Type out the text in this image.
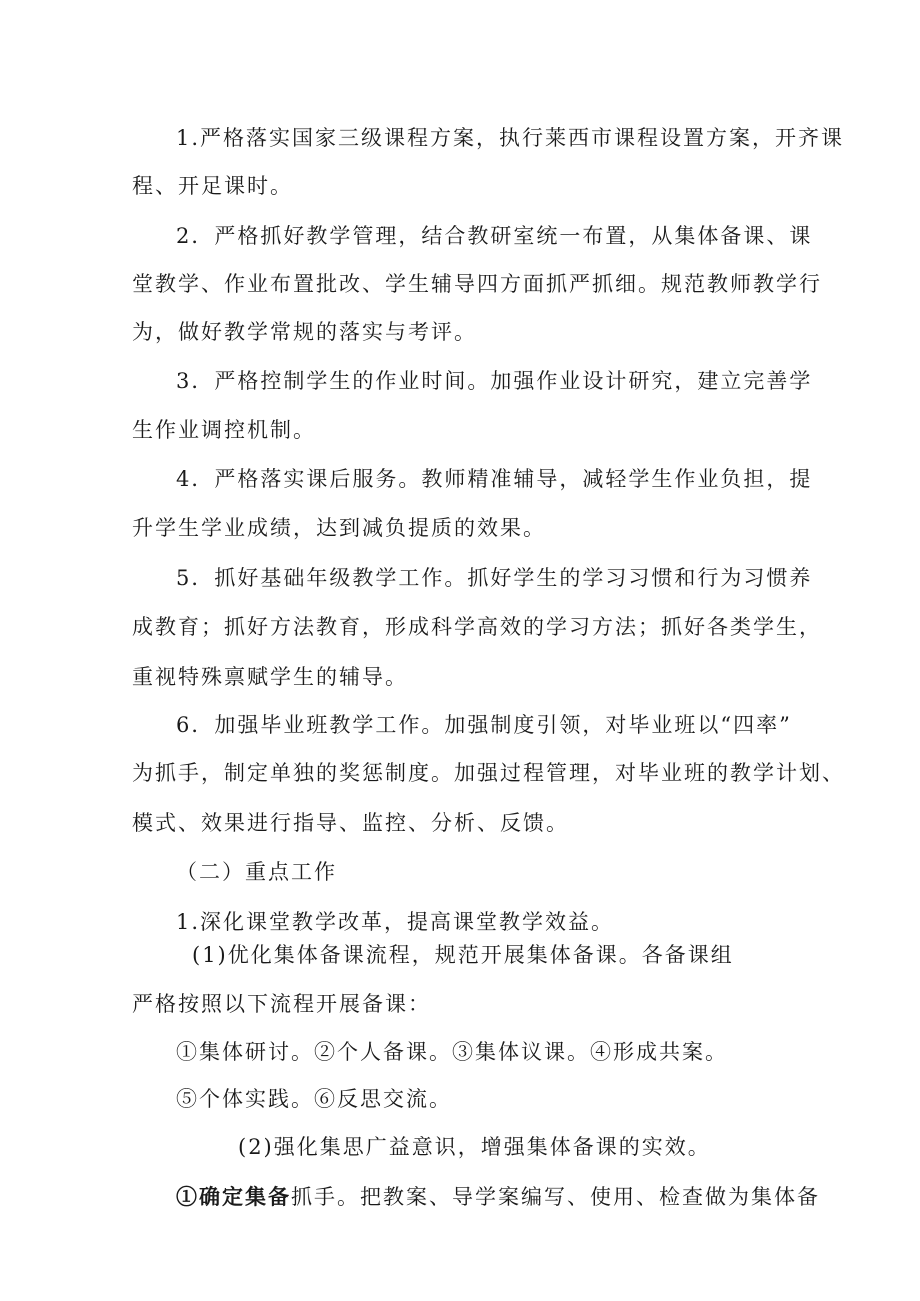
1.严格落实国家三级课程方案，执行莱西市课程设置方案，开齐课
程、开足课时。
2．严格抓好教学管理，结合教研室统一布置，从集体备课、课
堂教学、作业布置批改、学生辅导四方面抓严抓细。规范教师教学行
为，做好教学常规的落实与考评。
3．严格控制学生的作业时间。加强作业设计研究，建立完善学
生作业调控机制。
4．严格落实课后服务。教师精准辅导，减轻学生作业负担，提
升学生学业成绩，达到减负提质的效果。
5．抓好基础年级教学工作。抓好学生的学习习惯和行为习惯养
成教育；抓好方法教育，形成科学高效的学习方法；抓好各类学生，
重视特殊禀赋学生的辅导。
6．加强毕业班教学工作。加强制度引领，对毕业班以“四率”
为抓手，制定单独的奖惩制度。加强过程管理，对毕业班的教学计划、
模式、效果进行指导、监控、分析、反馈。
（二）重点工作
1.深化课堂教学改革，提高课堂教学效益。
(1)优化集体备课流程，规范开展集体备课。各备课组
严格按照以下流程开展备课：
①集体研讨。②个人备课。③集体议课。④形成共案。
⑤个体实践。⑥反思交流。
(2)强化集思广益意识，增强集体备课的实效。
①确定集备抓手。把教案、导学案编写、使用、检查做为集体备
